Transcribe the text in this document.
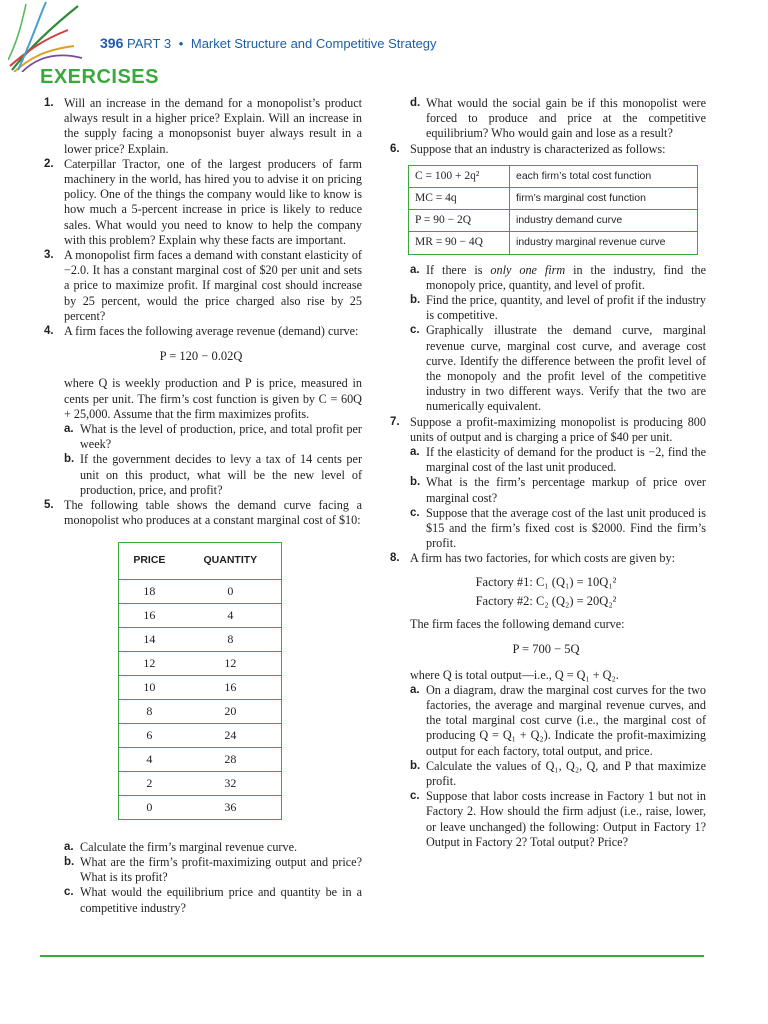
396 PART 3 • Market Structure and Competitive Strategy
EXERCISES
1. Will an increase in the demand for a monopolist’s product always result in a higher price? Explain. Will an increase in the supply facing a monopsonist buyer always result in a lower price? Explain.
2. Caterpillar Tractor, one of the largest producers of farm machinery in the world, has hired you to advise it on pricing policy. One of the things the company would like to know is how much a 5-percent increase in price is likely to reduce sales. What would you need to know to help the company with this problem? Explain why these facts are important.
3. A monopolist firm faces a demand with constant elasticity of −2.0. It has a constant marginal cost of $20 per unit and sets a price to maximize profit. If marginal cost should increase by 25 percent, would the price charged also rise by 25 percent?
4. A firm faces the following average revenue (demand) curve:
P = 120 − 0.02Q
where Q is weekly production and P is price, measured in cents per unit. The firm’s cost function is given by C = 60Q + 25,000. Assume that the firm maximizes profits.
a. What is the level of production, price, and total profit per week?
b. If the government decides to levy a tax of 14 cents per unit on this product, what will be the new level of production, price, and profit?
5. The following table shows the demand curve facing a monopolist who produces at a constant marginal cost of $10:
PRICE	QUANTITY
18	0
16	4
14	8
12	12
10	16
8	20
6	24
4	28
2	32
0	36
a. Calculate the firm’s marginal revenue curve.
b. What are the firm’s profit-maximizing output and price? What is its profit?
c. What would the equilibrium price and quantity be in a competitive industry?
d. What would the social gain be if this monopolist were forced to produce and price at the competitive equilibrium? Who would gain and lose as a result?
6. Suppose that an industry is characterized as follows:
C = 100 + 2q²	each firm’s total cost function
MC = 4q	firm’s marginal cost function
P = 90 − 2Q	industry demand curve
MR = 90 − 4Q	industry marginal revenue curve
a. If there is only one firm in the industry, find the monopoly price, quantity, and level of profit.
b. Find the price, quantity, and level of profit if the industry is competitive.
c. Graphically illustrate the demand curve, marginal revenue curve, marginal cost curve, and average cost curve. Identify the difference between the profit level of the monopoly and the profit level of the competitive industry in two different ways. Verify that the two are numerically equivalent.
7. Suppose a profit-maximizing monopolist is producing 800 units of output and is charging a price of $40 per unit.
a. If the elasticity of demand for the product is −2, find the marginal cost of the last unit produced.
b. What is the firm’s percentage markup of price over marginal cost?
c. Suppose that the average cost of the last unit produced is $15 and the firm’s fixed cost is $2000. Find the firm’s profit.
8. A firm has two factories, for which costs are given by:
Factory #1: C₁ (Q₁) = 10Q₁²
Factory #2: C₂ (Q₂) = 20Q₂²
The firm faces the following demand curve:
P = 700 − 5Q
where Q is total output—i.e., Q = Q₁ + Q₂.
a. On a diagram, draw the marginal cost curves for the two factories, the average and marginal revenue curves, and the total marginal cost curve (i.e., the marginal cost of producing Q = Q₁ + Q₂). Indicate the profit-maximizing output for each factory, total output, and price.
b. Calculate the values of Q₁, Q₂, Q, and P that maximize profit.
c. Suppose that labor costs increase in Factory 1 but not in Factory 2. How should the firm adjust (i.e., raise, lower, or leave unchanged) the following: Output in Factory 1? Output in Factory 2? Total output? Price?
